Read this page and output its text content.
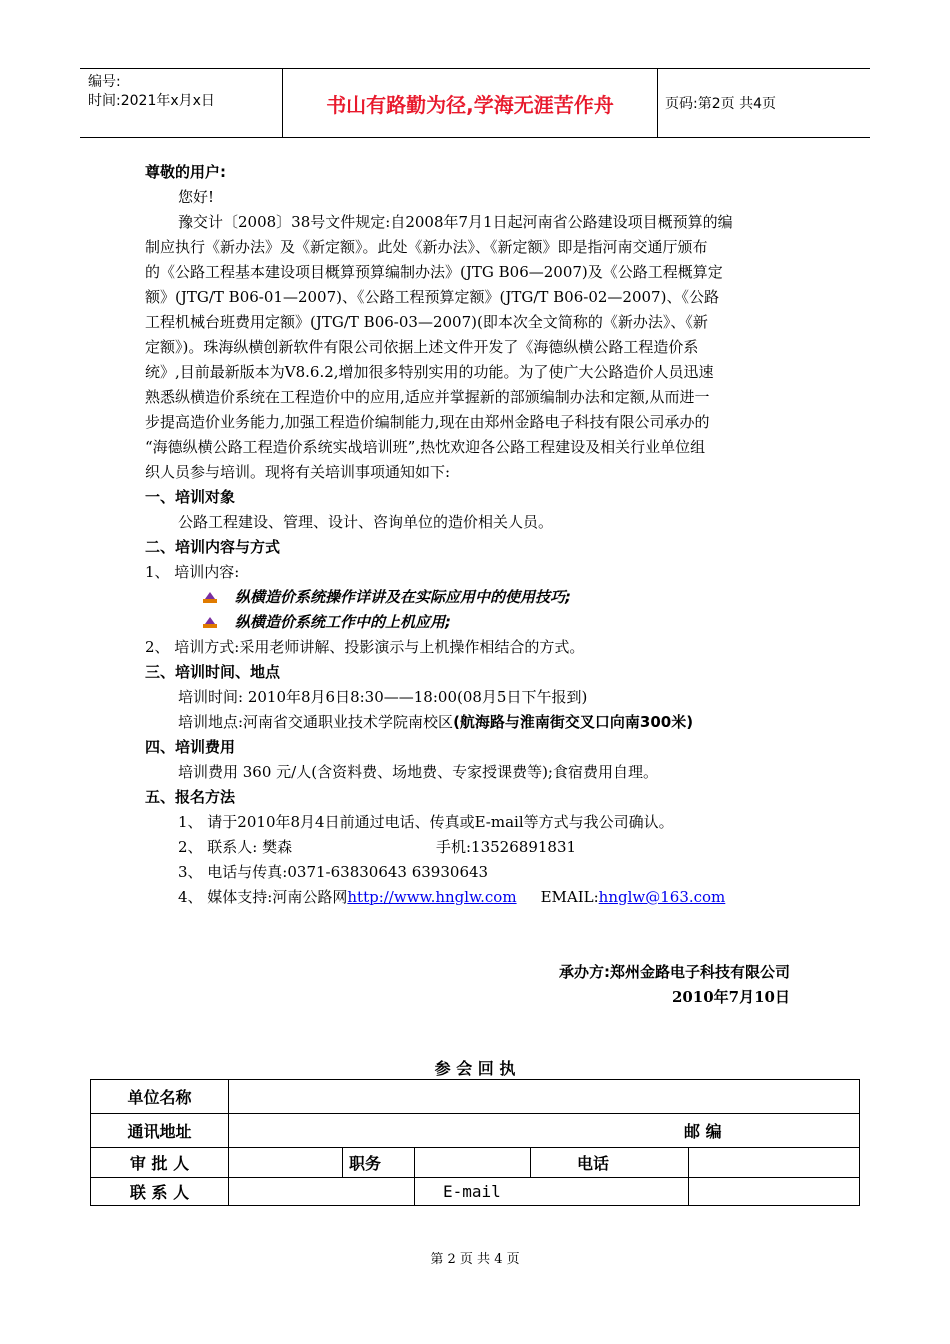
编号:
时间:2021年x月x日	书山有路勤为径,学海无涯苦作舟	页码:第2页 共4页
尊敬的用户:
您好!
豫交计〔2008〕38号文件规定:自2008年7月1日起河南省公路建设项目概预算的编
制应执行《新办法》及《新定额》。此处《新办法》、《新定额》即是指河南交通厅颁布
的《公路工程基本建设项目概算预算编制办法》(JTG B06—2007)及《公路工程概算定
额》(JTG/T B06-01—2007)、《公路工程预算定额》(JTG/T B06-02—2007)、《公路
工程机械台班费用定额》(JTG/T B06-03—2007)(即本次全文简称的《新办法》、《新
定额》)。珠海纵横创新软件有限公司依据上述文件开发了《海德纵横公路工程造价系
统》,目前最新版本为V8.6.2,增加很多特别实用的功能。为了使广大公路造价人员迅速
熟悉纵横造价系统在工程造价中的应用,适应并掌握新的部颁编制办法和定额,从而进一
步提高造价业务能力,加强工程造价编制能力,现在由郑州金路电子科技有限公司承办的
“海德纵横公路工程造价系统实战培训班”,热忱欢迎各公路工程建设及相关行业单位组
织人员参与培训。现将有关培训事项通知如下:
一、培训对象
公路工程建设、管理、设计、咨询单位的造价相关人员。
二、培训内容与方式
1、 培训内容:
纵横造价系统操作详讲及在实际应用中的使用技巧;
纵横造价系统工作中的上机应用;
2、 培训方式:采用老师讲解、投影演示与上机操作相结合的方式。
三、培训时间、地点
培训时间: 2010年8月6日8:30——18:00(08月5日下午报到)
培训地点:河南省交通职业技术学院南校区(航海路与淮南街交叉口向南300米)
四、培训费用
培训费用 360 元/人(含资料费、场地费、专家授课费等);食宿费用自理。
五、报名方法
1、 请于2010年8月4日前通过电话、传真或E-mail等方式与我公司确认。
2、 联系人: 樊森	手机:13526891831
3、 电话与传真:0371-63830643 63930643
4、 媒体支持:河南公路网http://www.hnglw.com EMAIL:hnglw@163.com
承办方:郑州金路电子科技有限公司
2010年7月10日
参 会 回 执
单位名称					
通讯地址	邮 编				
审 批 人		职务		电话	
联 系 人			E-mail		
第 2 页 共 4 页
